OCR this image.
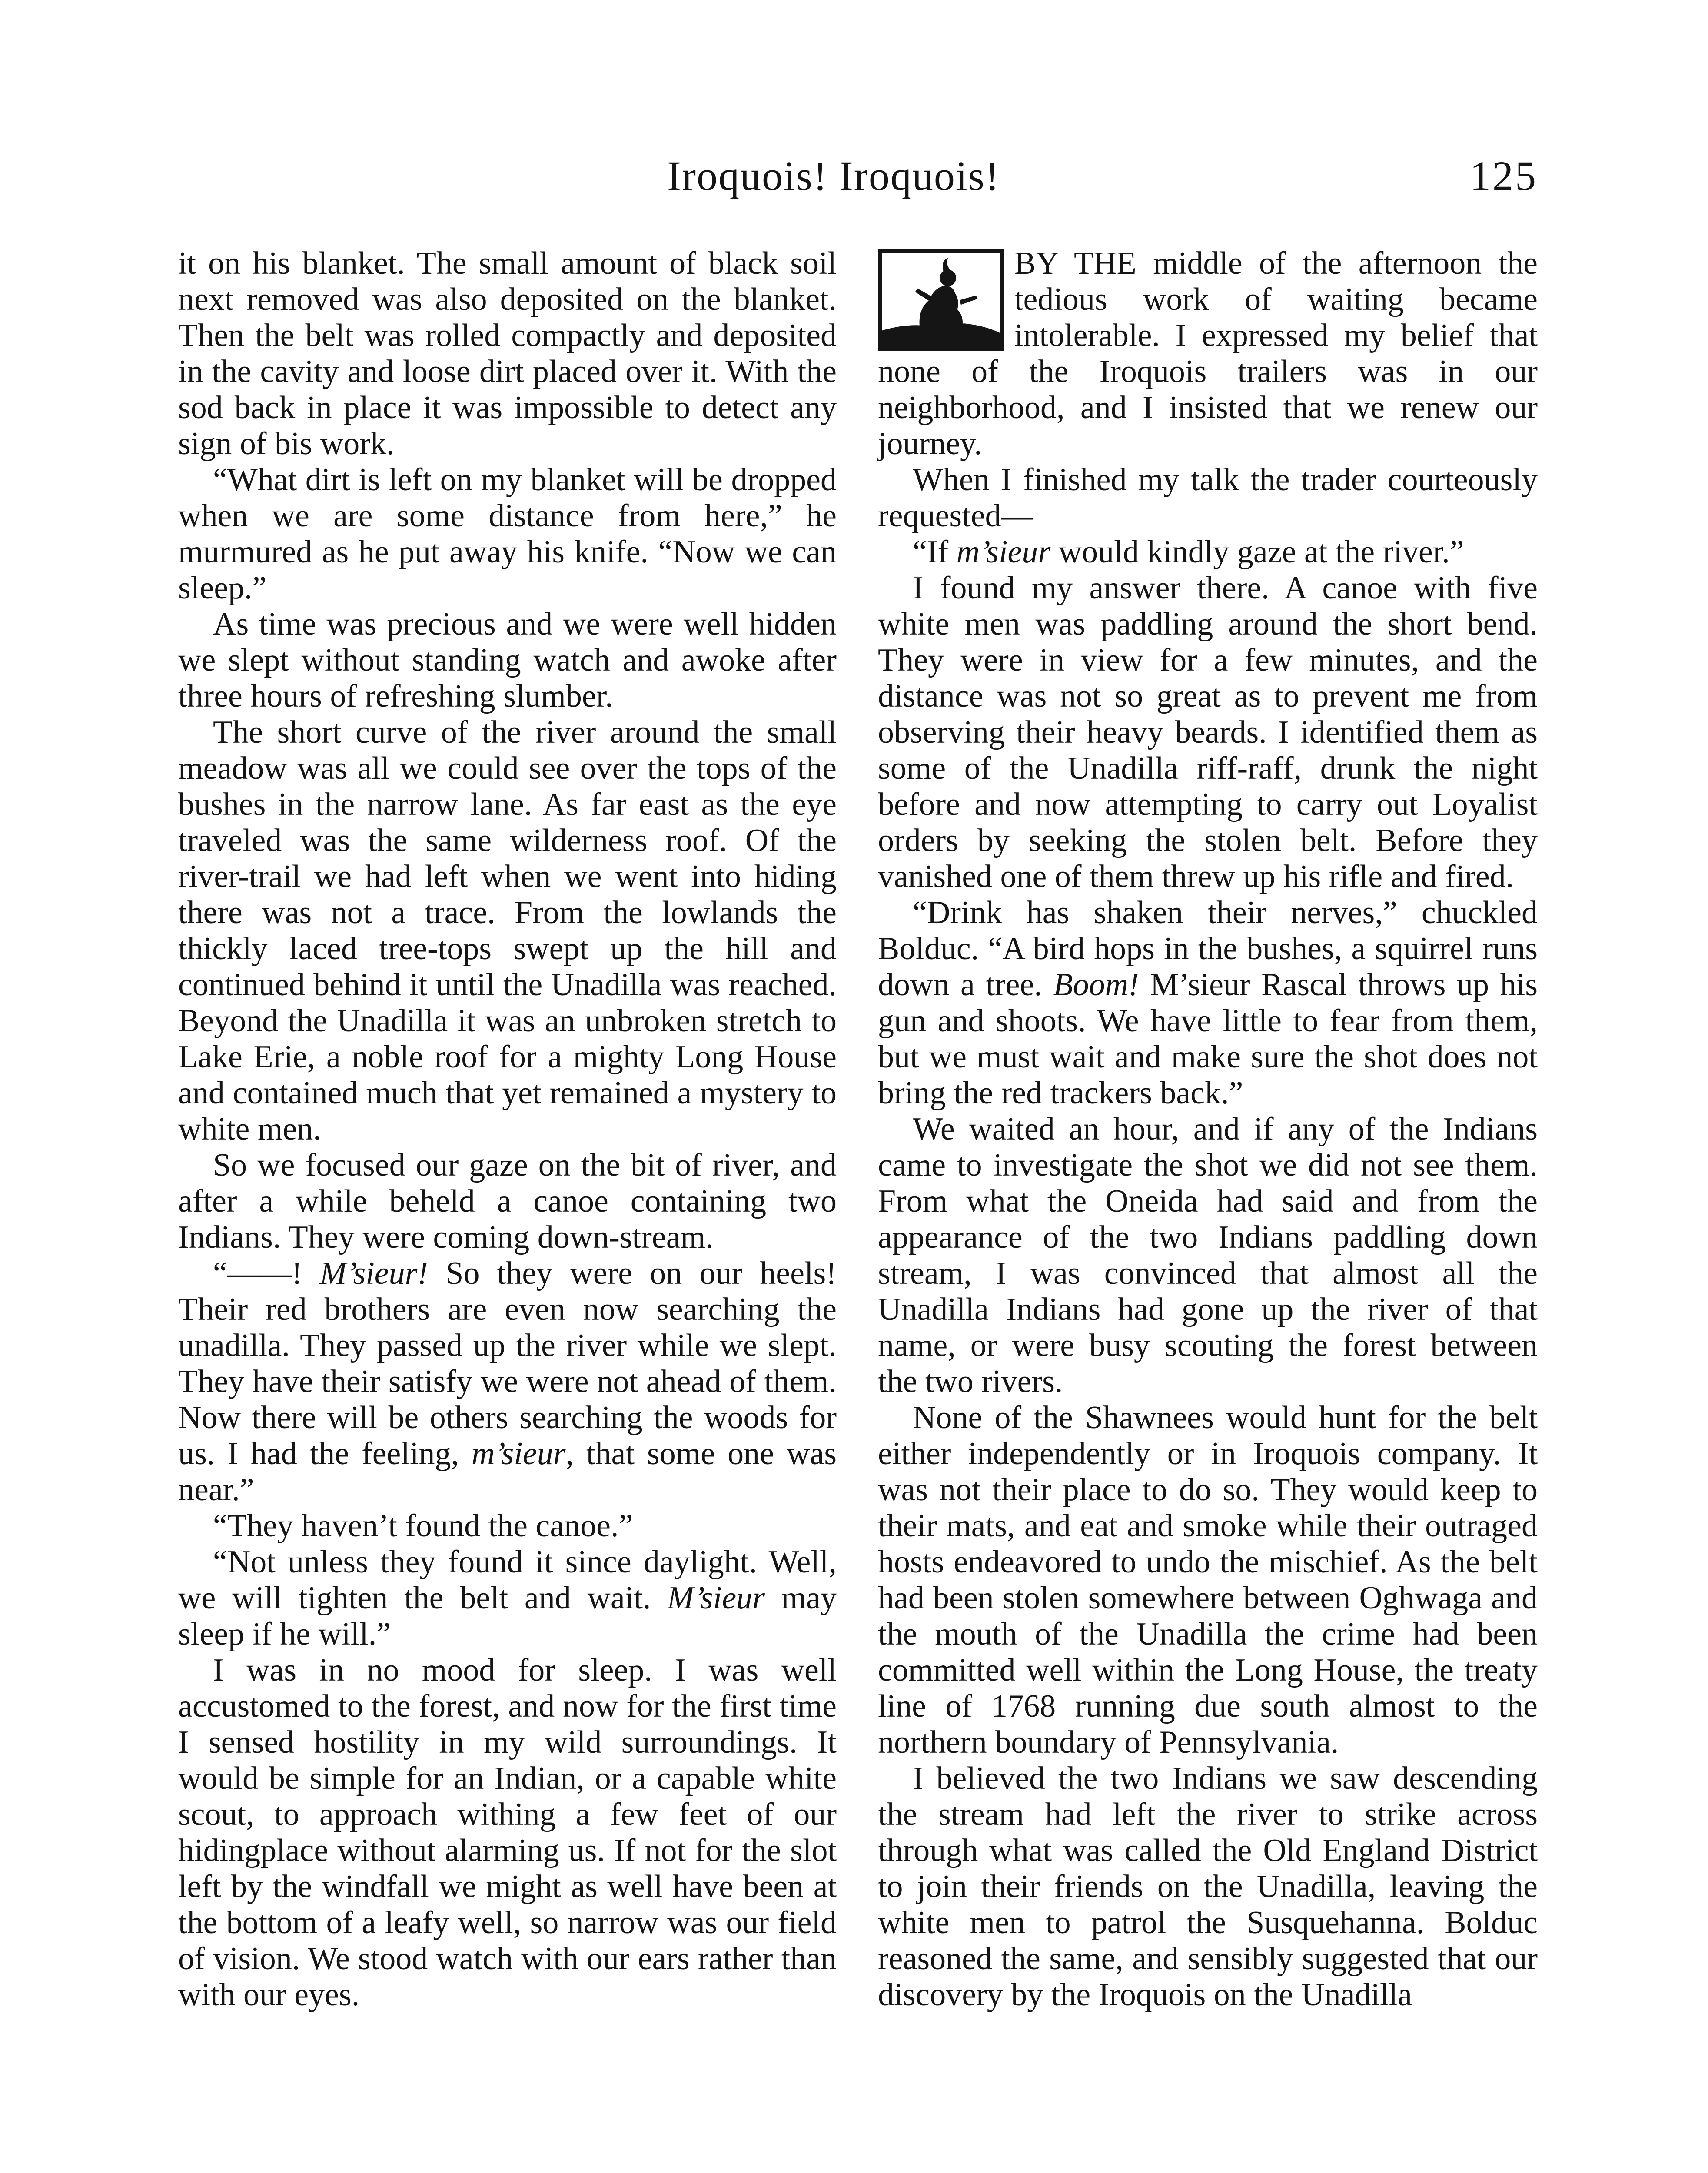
Iroquois! Iroquois!	125

it on his blanket. The small amount of black soil next removed was also deposited on the blanket. Then the belt was rolled compactly and deposited in the cavity and loose dirt placed over it. With the sod back in place it was impossible to detect any sign of bis work.

“What dirt is left on my blanket will be dropped when we are some distance from here,” he murmured as he put away his knife. “Now we can sleep.”

As time was precious and we were well hidden we slept without standing watch and awoke after three hours of refreshing slumber.

The short curve of the river around the small meadow was all we could see over the tops of the bushes in the narrow lane. As far east as the eye traveled was the same wilderness roof. Of the river-trail we had left when we went into hiding there was not a trace. From the lowlands the thickly laced tree-tops swept up the hill and continued behind it until the Unadilla was reached. Beyond the Unadilla it was an unbroken stretch to Lake Erie, a noble roof for a mighty Long House and contained much that yet remained a mystery to white men.

So we focused our gaze on the bit of river, and after a while beheld a canoe containing two Indians. They were coming down-stream.

“——! M’sieur! So they were on our heels! Their red brothers are even now searching the unadilla. They passed up the river while we slept. They have their satisfy we were not ahead of them. Now there will be others searching the woods for us. I had the feeling, m’sieur, that some one was near.”

“They haven’t found the canoe.”

“Not unless they found it since daylight. Well, we will tighten the belt and wait. M’sieur may sleep if he will.”

I was in no mood for sleep. I was well accustomed to the forest, and now for the first time I sensed hostility in my wild surroundings. It would be simple for an Indian, or a capable white scout, to approach withing a few feet of our hidingplace without alarming us. If not for the slot left by the windfall we might as well have been at the bottom of a leafy well, so narrow was our field of vision. We stood watch with our ears rather than with our eyes.

BY THE middle of the afternoon the tedious work of waiting became intolerable. I expressed my belief that none of the Iroquois trailers was in our neighborhood, and I insisted that we renew our journey.

When I finished my talk the trader courteously requested—

“If m’sieur would kindly gaze at the river.”

I found my answer there. A canoe with five white men was paddling around the short bend. They were in view for a few minutes, and the distance was not so great as to prevent me from observing their heavy beards. I identified them as some of the Unadilla riff-raff, drunk the night before and now attempting to carry out Loyalist orders by seeking the stolen belt. Before they vanished one of them threw up his rifle and fired.

“Drink has shaken their nerves,” chuckled Bolduc. “A bird hops in the bushes, a squirrel runs down a tree. Boom! M’sieur Rascal throws up his gun and shoots. We have little to fear from them, but we must wait and make sure the shot does not bring the red trackers back.”

We waited an hour, and if any of the Indians came to investigate the shot we did not see them. From what the Oneida had said and from the appearance of the two Indians paddling down stream, I was convinced that almost all the Unadilla Indians had gone up the river of that name, or were busy scouting the forest between the two rivers.

None of the Shawnees would hunt for the belt either independently or in Iroquois company. It was not their place to do so. They would keep to their mats, and eat and smoke while their outraged hosts endeavored to undo the mischief. As the belt had been stolen somewhere between Oghwaga and the mouth of the Unadilla the crime had been committed well within the Long House, the treaty line of 1768 running due south almost to the northern boundary of Pennsylvania.

I believed the two Indians we saw descending the stream had left the river to strike across through what was called the Old England District to join their friends on the Unadilla, leaving the white men to patrol the Susquehanna. Bolduc reasoned the same, and sensibly suggested that our discovery by the Iroquois on the Unadilla
